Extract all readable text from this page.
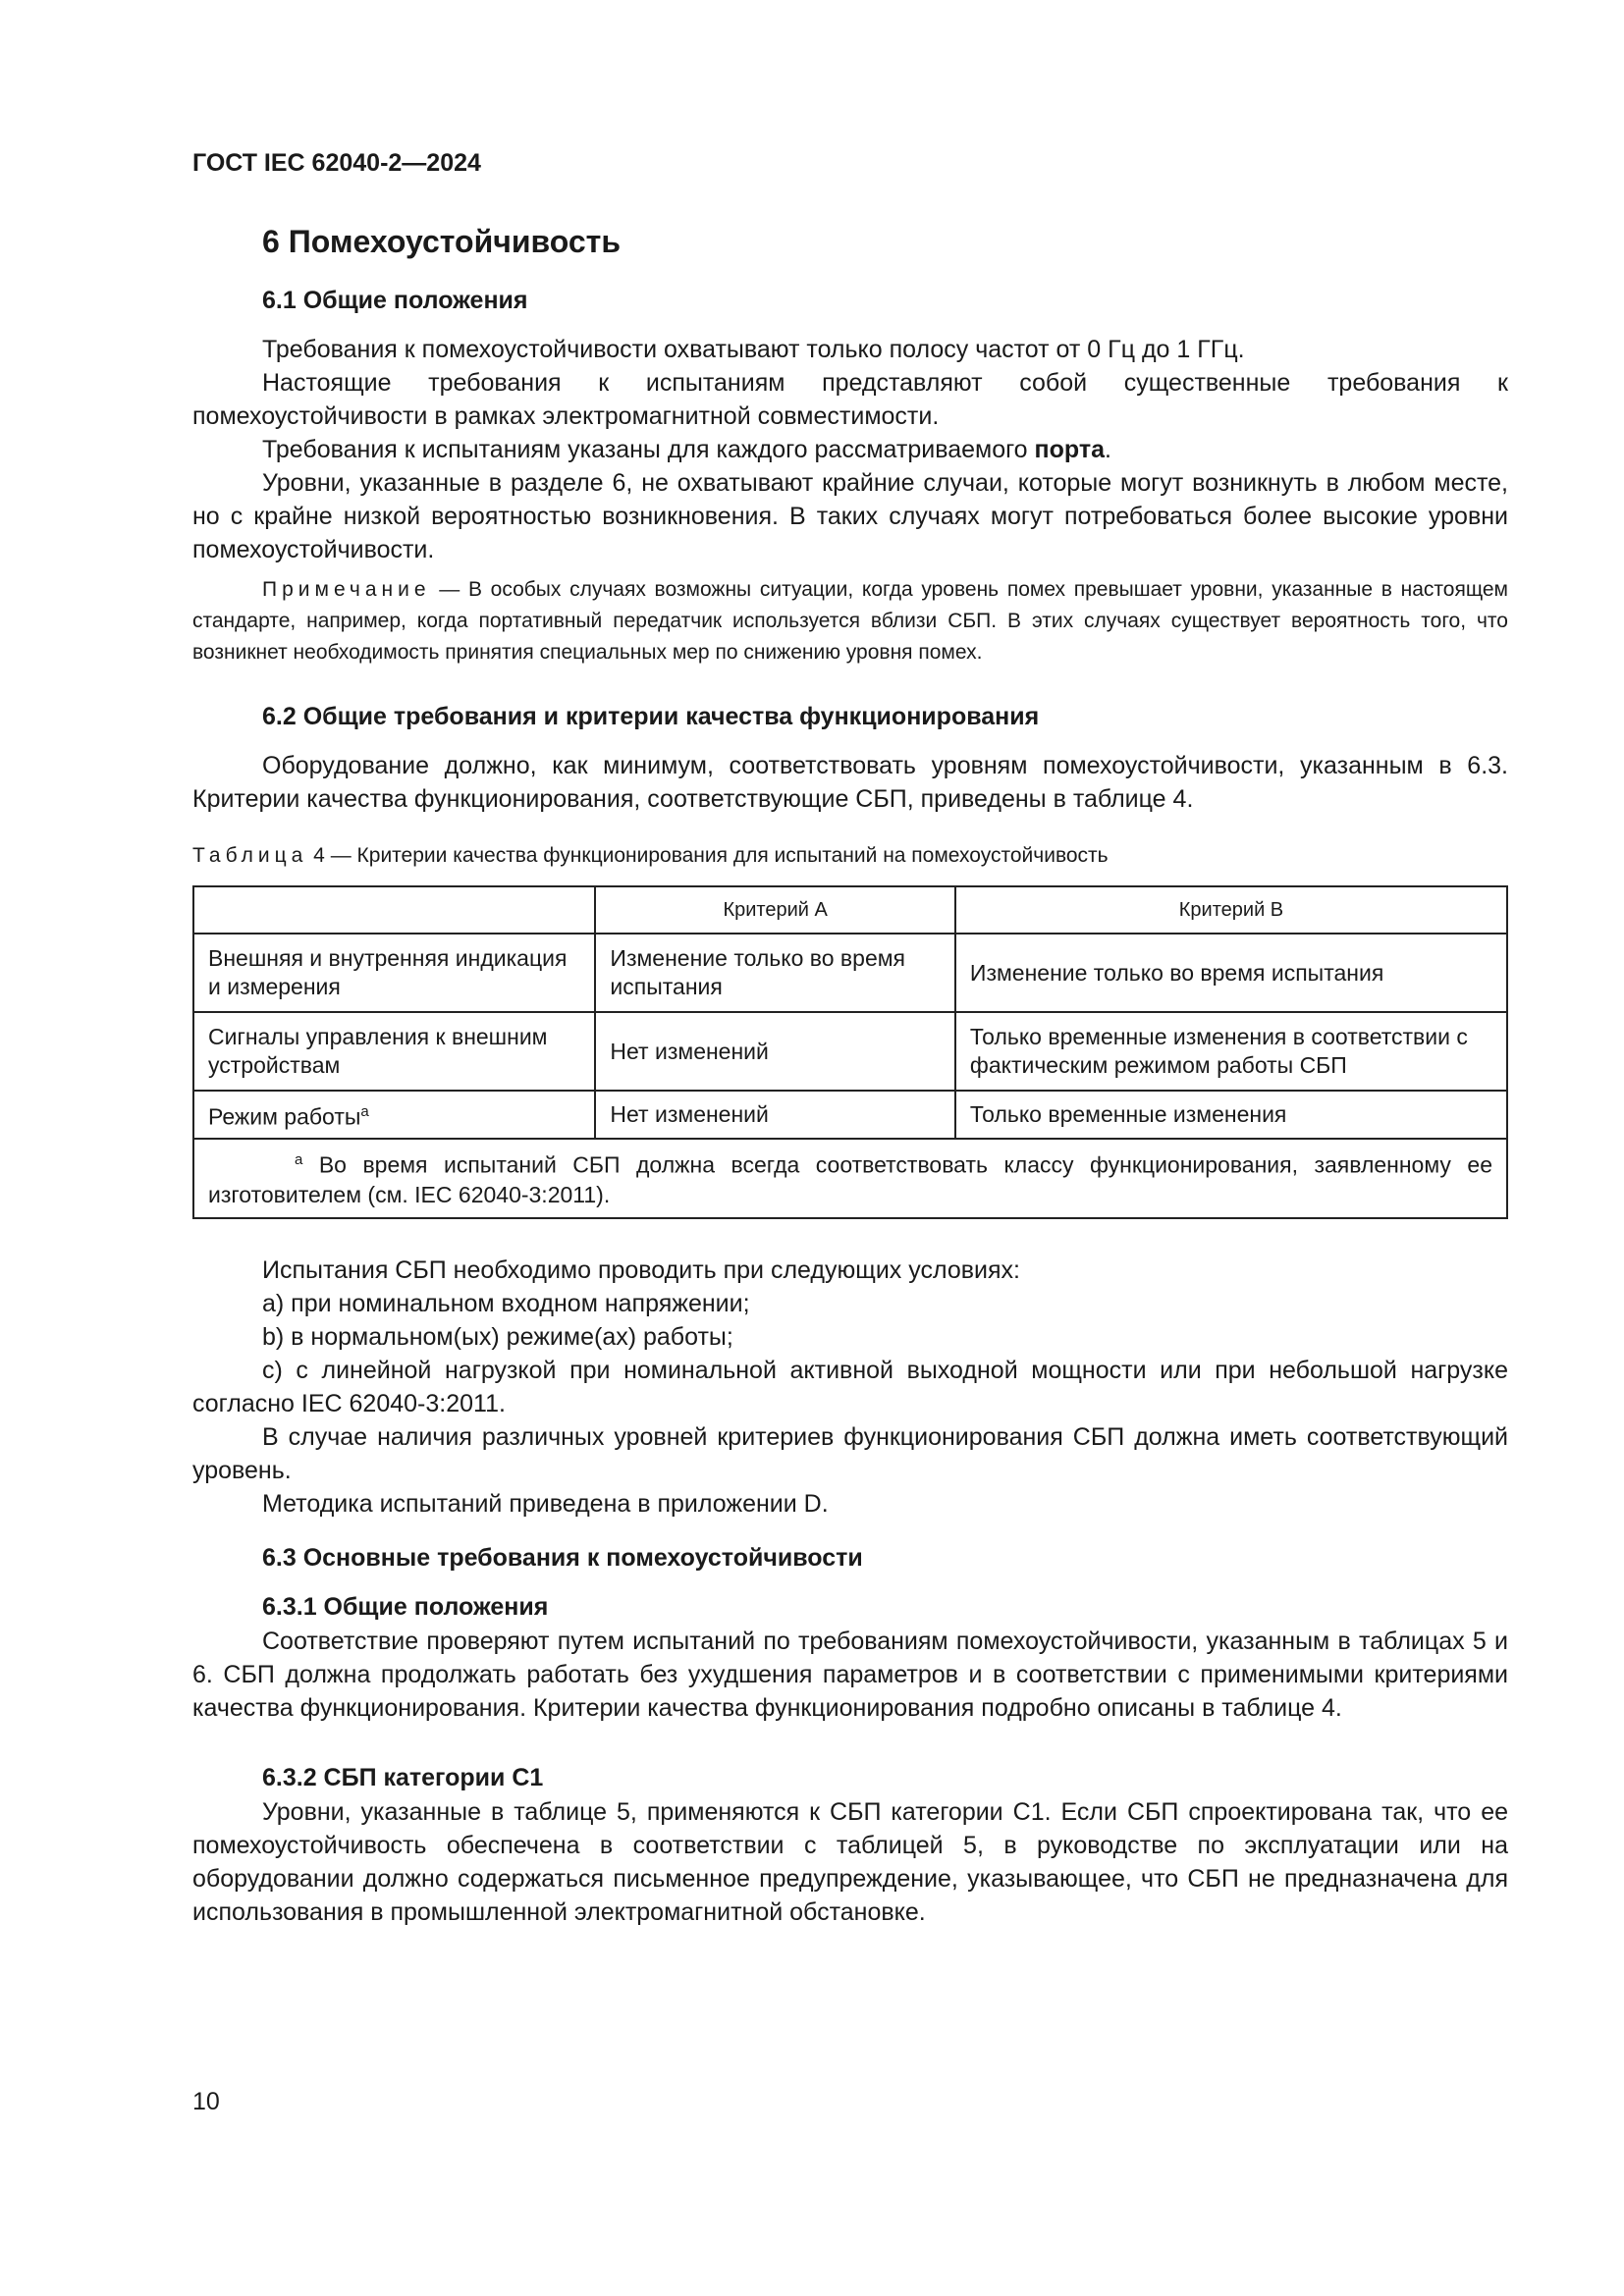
ГОСТ IEC 62040-2—2024
6 Помехоустойчивость
6.1 Общие положения

Требования к помехоустойчивости охватывают только полосу частот от 0 Гц до 1 ГГц.

Настоящие требования к испытаниям представляют собой существенные требования к помехоустойчивости в рамках электромагнитной совместимости.

Требования к испытаниям указаны для каждого рассматриваемого порта.

Уровни, указанные в разделе 6, не охватывают крайние случаи, которые могут возникнуть в любом месте, но с крайне низкой вероятностью возникновения. В таких случаях могут потребоваться более высокие уровни помехоустойчивости.

Примечание — В особых случаях возможны ситуации, когда уровень помех превышает уровни, указанные в настоящем стандарте, например, когда портативный передатчик используется вблизи СБП. В этих случаях существует вероятность того, что возникнет необходимость принятия специальных мер по снижению уровня помех.

6.2 Общие требования и критерии качества функционирования

Оборудование должно, как минимум, соответствовать уровням помехоустойчивости, указанным в 6.3. Критерии качества функционирования, соответствующие СБП, приведены в таблице 4.

Таблица 4 — Критерии качества функционирования для испытаний на помехоустойчивость
	Критерий А	Критерий В
Внешняя и внутренняя индикация и измерения	Изменение только во время испытания	Изменение только во время испытания
Сигналы управления к внешним устройствам	Нет изменений	Только временные изменения в соответствии с фактическим режимом работы СБП
Режим работы$^а$	Нет изменений	Только временные изменения

$^а$ Во время испытаний СБП должна всегда соответствовать классу функционирования, заявленному ее изготовителем (см. IEC 62040-3:2011).		

Испытания СБП необходимо проводить при следующих условиях:

а) при номинальном входном напряжении;

b) в нормальном(ых) режиме(ах) работы;

с) с линейной нагрузкой при номинальной активной выходной мощности или при небольшой нагрузке согласно IEC 62040-3:2011.

В случае наличия различных уровней критериев функционирования СБП должна иметь соответствующий уровень.

Методика испытаний приведена в приложении D.

6.3 Основные требования к помехоустойчивости
6.3.1 Общие положения

Соответствие проверяют путем испытаний по требованиям помехоустойчивости, указанным в таблицах 5 и 6. СБП должна продолжать работать без ухудшения параметров и в соответствии с применимыми критериями качества функционирования. Критерии качества функционирования подробно описаны в таблице 4.

6.3.2 СБП категории С1

Уровни, указанные в таблице 5, применяются к СБП категории С1. Если СБП спроектирована так, что ее помехоустойчивость обеспечена в соответствии с таблицей 5, в руководстве по эксплуатации или на оборудовании должно содержаться письменное предупреждение, указывающее, что СБП не предназначена для использования в промышленной электромагнитной обстановке.

10
